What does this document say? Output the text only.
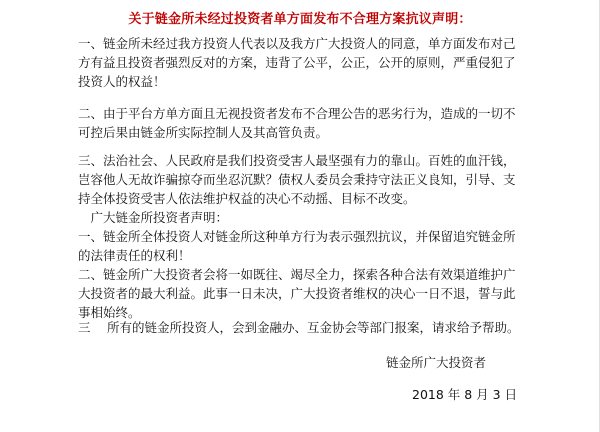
关于链金所未经过投资者单方面发布不合理方案抗议声明：
一、链金所未经过我方投资人代表以及我方广大投资人的同意，单方面发布对己
方有益且投资者强烈反对的方案，违背了公平，公正，公开的原则，严重侵犯了
投资人的权益！
二、由于平台方单方面且无视投资者发布不合理公告的恶劣行为，造成的一切不
可控后果由链金所实际控制人及其高管负责。
三、法治社会、人民政府是我们投资受害人最坚强有力的靠山。百姓的血汗钱，
岂容他人无故诈骗掠夺而坐忍沉默？债权人委员会秉持守法正义良知，引导、支
持全体投资受害人依法维护权益的决心不动摇、目标不改变。
　广大链金所投资者声明：
一、链金所全体投资人对链金所这种单方行为表示强烈抗议，并保留追究链金所
的法律责任的权利！
二、链金所广大投资者会将一如既往、竭尽全力，探索各种合法有效渠道维护广
大投资者的最大利益。此事一日未决，广大投资者维权的决心一日不退，誓与此
事相始终。
三　 所有的链金所投资人，会到金融办、互金协会等部门报案，请求给予帮助。
链金所广大投资者
2018 年 8 月 3 日
